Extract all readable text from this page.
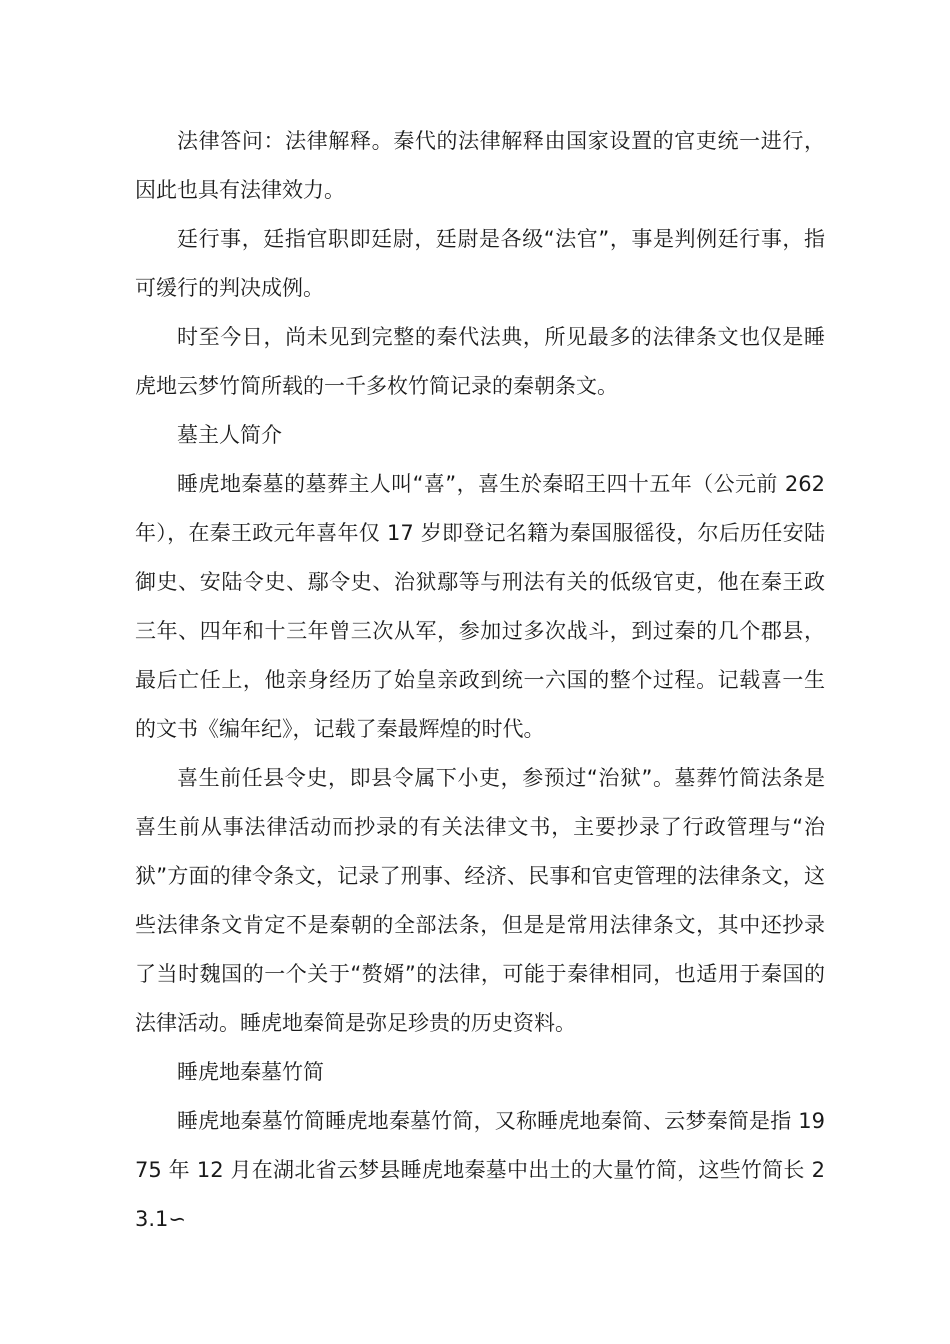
法律答问：法律解释。秦代的法律解释由国家设置的官吏统一进行，因此也具有法律效力。

廷行事，廷指官职即廷尉，廷尉是各级“法官”，事是判例廷行事，指可缓行的判决成例。

时至今日，尚未见到完整的秦代法典，所见最多的法律条文也仅是睡虎地云梦竹简所载的一千多枚竹简记录的秦朝条文。

墓主人简介

睡虎地秦墓的墓葬主人叫“喜”，喜生於秦昭王四十五年（公元前 262 年），在秦王政元年喜年仅 17 岁即登记名籍为秦国服徭役，尔后历任安陆御史、安陆令史、鄢令史、治狱鄢等与刑法有关的低级官吏，他在秦王政三年、四年和十三年曾三次从军，参加过多次战斗，到过秦的几个郡县，最后亡任上，他亲身经历了始皇亲政到统一六国的整个过程。记载喜一生的文书《编年纪》，记载了秦最辉煌的时代。

喜生前任县令史，即县令属下小吏，参预过“治狱”。墓葬竹简法条是喜生前从事法律活动而抄录的有关法律文书，主要抄录了行政管理与“治狱”方面的律令条文，记录了刑事、经济、民事和官吏管理的法律条文，这些法律条文肯定不是秦朝的全部法条，但是是常用法律条文，其中还抄录了当时魏国的一个关于“赘婿”的法律，可能于秦律相同，也适用于秦国的法律活动。睡虎地秦简是弥足珍贵的历史资料。

睡虎地秦墓竹简

睡虎地秦墓竹简睡虎地秦墓竹简，又称睡虎地秦简、云梦秦简是指 1975 年 12 月在湖北省云梦县睡虎地秦墓中出土的大量竹简，这些竹简长 23.1∽
